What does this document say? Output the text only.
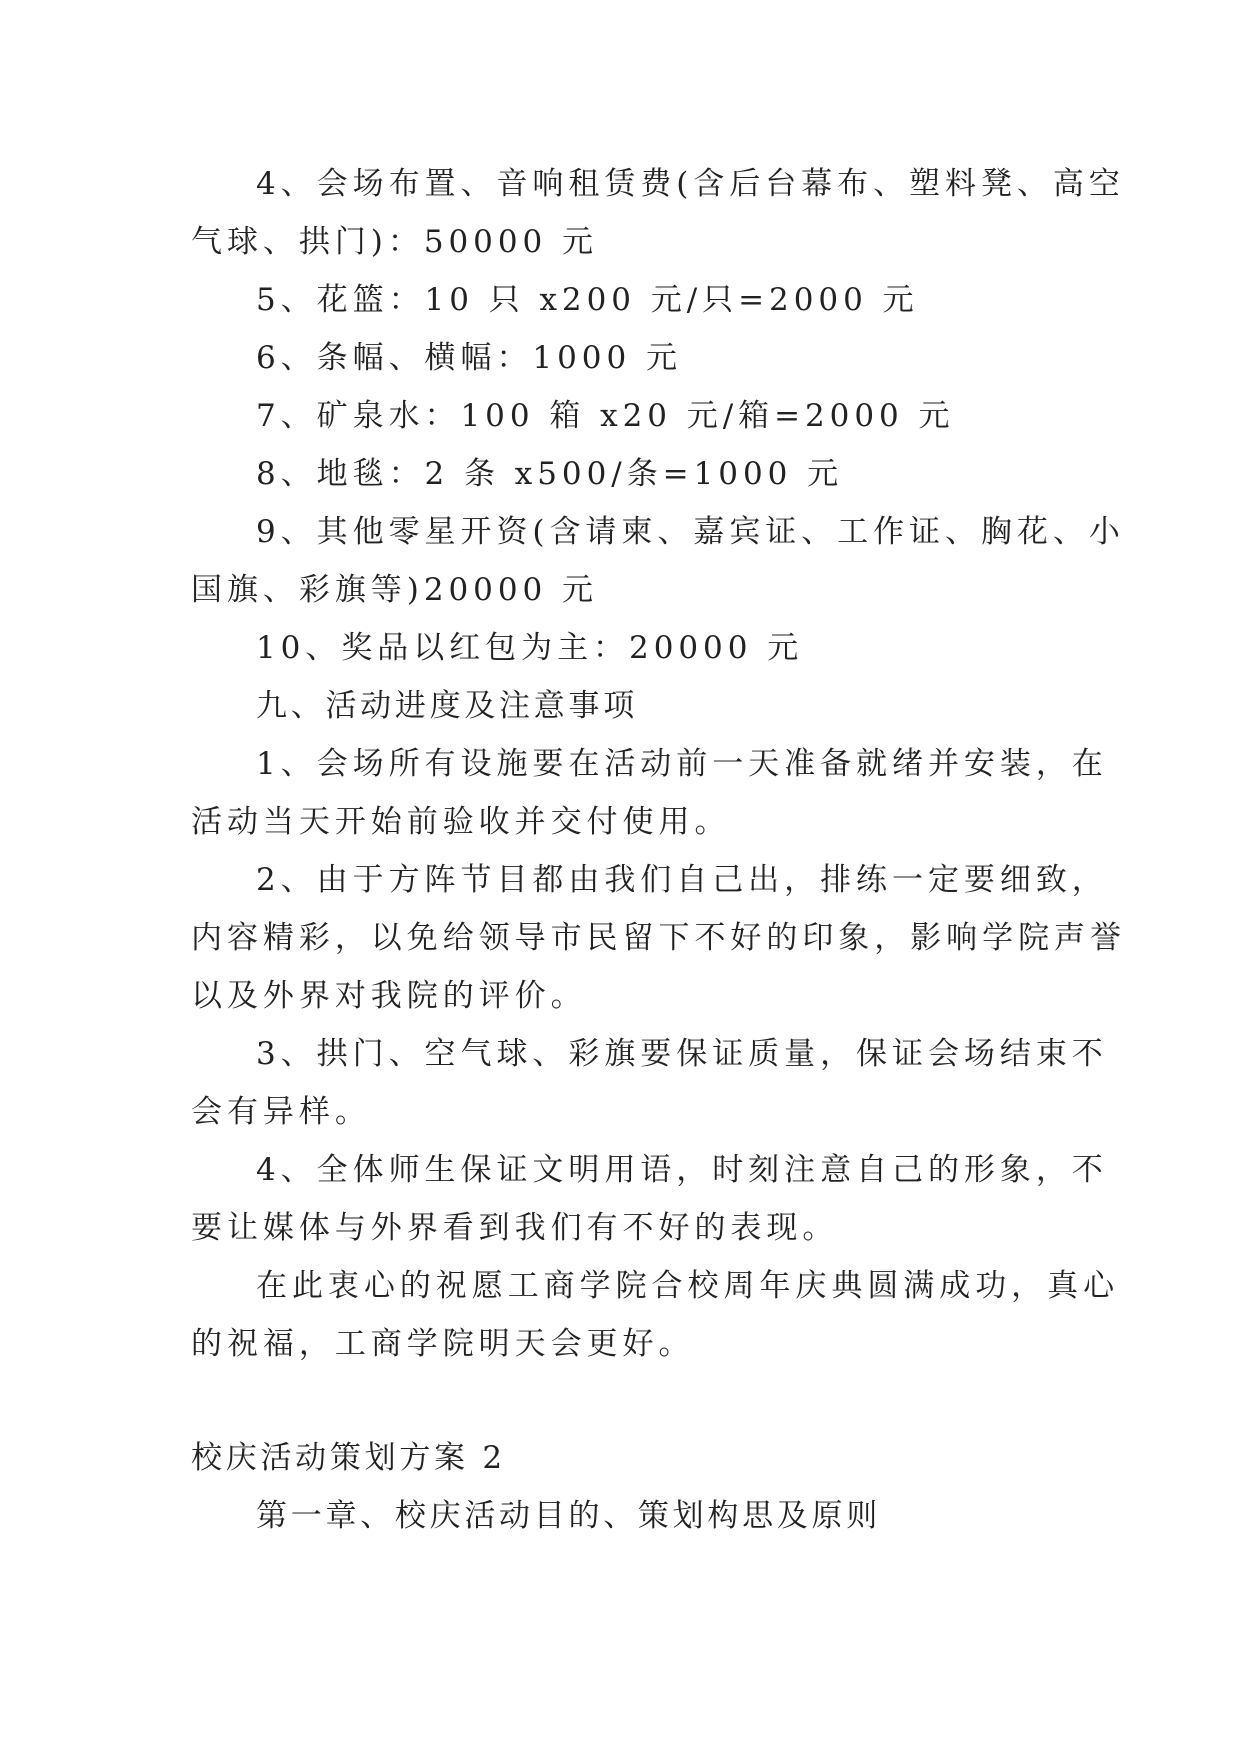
4、会场布置、音响租赁费(含后台幕布、塑料凳、高空
气球、拱门)：50000 元
5、花篮：10 只 x200 元/只=2000 元
6、条幅、横幅：1000 元
7、矿泉水：100 箱 x20 元/箱=2000 元
8、地毯：2 条 x500/条=1000 元
9、其他零星开资(含请柬、嘉宾证、工作证、胸花、小
国旗、彩旗等)20000 元
10、奖品以红包为主：20000 元
九、活动进度及注意事项
1、会场所有设施要在活动前一天准备就绪并安装，在
活动当天开始前验收并交付使用。
2、由于方阵节目都由我们自己出，排练一定要细致，
内容精彩，以免给领导市民留下不好的印象，影响学院声誉
以及外界对我院的评价。
3、拱门、空气球、彩旗要保证质量，保证会场结束不
会有异样。
4、全体师生保证文明用语，时刻注意自己的形象，不
要让媒体与外界看到我们有不好的表现。
在此衷心的祝愿工商学院合校周年庆典圆满成功，真心
的祝福，工商学院明天会更好。
校庆活动策划方案 2
第一章、校庆活动目的、策划构思及原则
